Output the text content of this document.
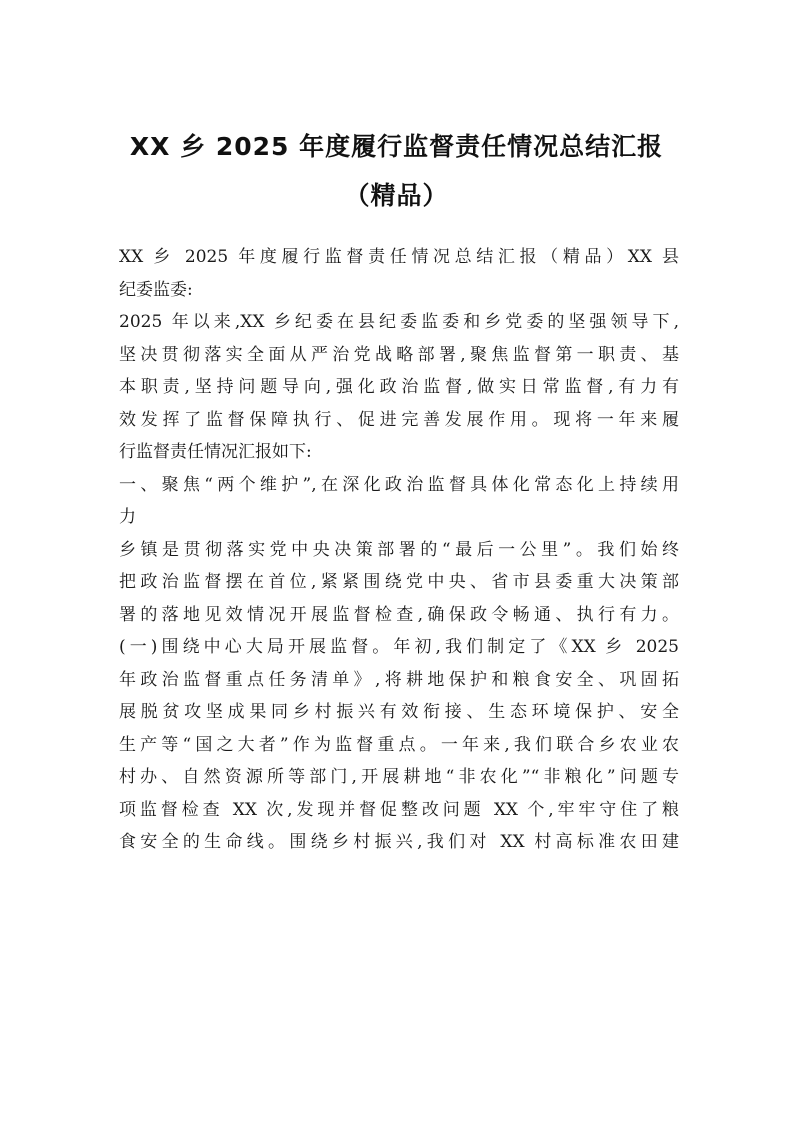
XX 乡 2025 年度履行监督责任情况总结汇报
（精品）
XX 乡 2025 年度履行监督责任情况总结汇报（精品）XX 县
纪委监委:
2025 年以来,XX 乡纪委在县纪委监委和乡党委的坚强领导下,
坚决贯彻落实全面从严治党战略部署,聚焦监督第一职责、基
本职责,坚持问题导向,强化政治监督,做实日常监督,有力有
效发挥了监督保障执行、促进完善发展作用。现将一年来履
行监督责任情况汇报如下:
一、聚焦“两个维护”,在深化政治监督具体化常态化上持续用
力
乡镇是贯彻落实党中央决策部署的“最后一公里”。我们始终
把政治监督摆在首位,紧紧围绕党中央、省市县委重大决策部
署的落地见效情况开展监督检查,确保政令畅通、执行有力。
(一)围绕中心大局开展监督。年初,我们制定了《XX 乡 2025
年政治监督重点任务清单》,将耕地保护和粮食安全、巩固拓
展脱贫攻坚成果同乡村振兴有效衔接、生态环境保护、安全
生产等“国之大者”作为监督重点。一年来,我们联合乡农业农
村办、自然资源所等部门,开展耕地“非农化”“非粮化”问题专
项监督检查 XX 次,发现并督促整改问题 XX 个,牢牢守住了粮
食安全的生命线。围绕乡村振兴,我们对 XX 村高标准农田建
